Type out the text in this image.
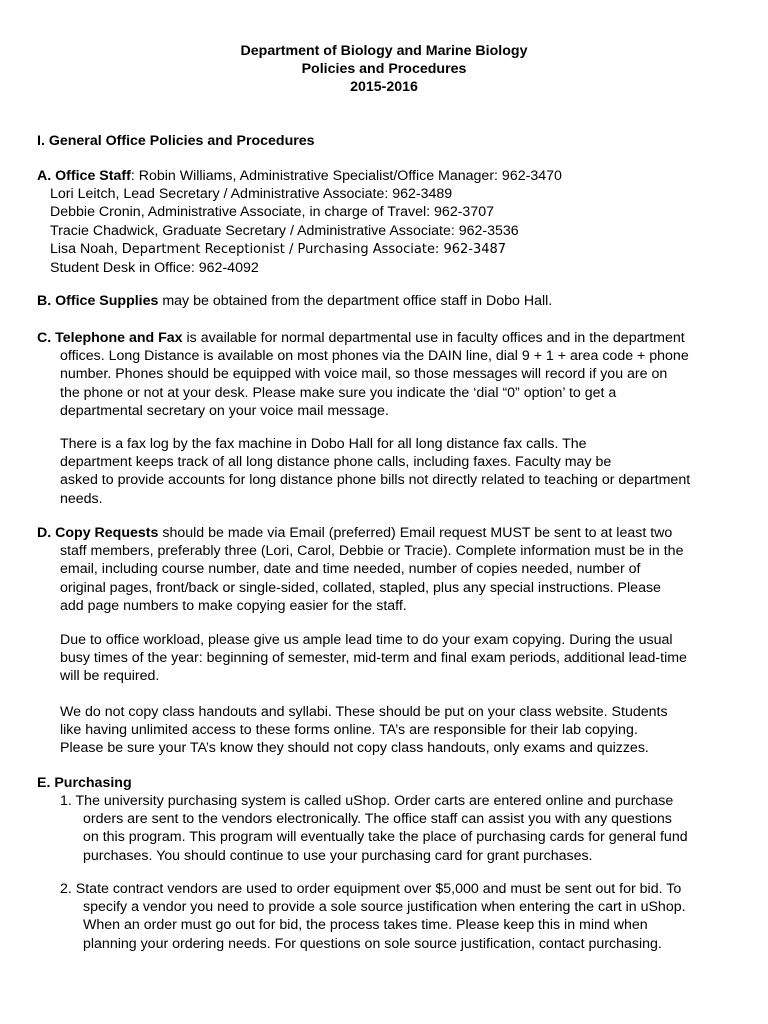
Department of Biology and Marine Biology
Policies and Procedures
2015-2016
I. General Office Policies and Procedures
A. Office Staff: Robin Williams, Administrative Specialist/Office Manager: 962-3470
Lori Leitch, Lead Secretary / Administrative Associate: 962-3489
Debbie Cronin, Administrative Associate, in charge of Travel: 962-3707
Tracie Chadwick, Graduate Secretary / Administrative Associate: 962-3536
Lisa Noah, Department Receptionist / Purchasing Associate: 962-3487
Student Desk in Office: 962-4092
B. Office Supplies may be obtained from the department office staff in Dobo Hall.
C. Telephone and Fax is available for normal departmental use in faculty offices and in the department
offices. Long Distance is available on most phones via the DAIN line, dial 9 + 1 + area code + phone
number. Phones should be equipped with voice mail, so those messages will record if you are on
the phone or not at your desk. Please make sure you indicate the ‘dial “0” option’ to get a
departmental secretary on your voice mail message.
There is a fax log by the fax machine in Dobo Hall for all long distance fax calls. The
department keeps track of all long distance phone calls, including faxes. Faculty may be
asked to provide accounts for long distance phone bills not directly related to teaching or department
needs.
D. Copy Requests should be made via Email (preferred) Email request MUST be sent to at least two
staff members, preferably three (Lori, Carol, Debbie or Tracie). Complete information must be in the
email, including course number, date and time needed, number of copies needed, number of
original pages, front/back or single-sided, collated, stapled, plus any special instructions. Please
add page numbers to make copying easier for the staff.
Due to office workload, please give us ample lead time to do your exam copying. During the usual
busy times of the year: beginning of semester, mid-term and final exam periods, additional lead-time
will be required.
We do not copy class handouts and syllabi. These should be put on your class website. Students
like having unlimited access to these forms online. TA’s are responsible for their lab copying.
Please be sure your TA’s know they should not copy class handouts, only exams and quizzes.
E. Purchasing
1. The university purchasing system is called uShop. Order carts are entered online and purchase
orders are sent to the vendors electronically. The office staff can assist you with any questions
on this program. This program will eventually take the place of purchasing cards for general fund
purchases. You should continue to use your purchasing card for grant purchases.
2. State contract vendors are used to order equipment over $5,000 and must be sent out for bid. To
specify a vendor you need to provide a sole source justification when entering the cart in uShop.
When an order must go out for bid, the process takes time. Please keep this in mind when
planning your ordering needs. For questions on sole source justification, contact purchasing.
